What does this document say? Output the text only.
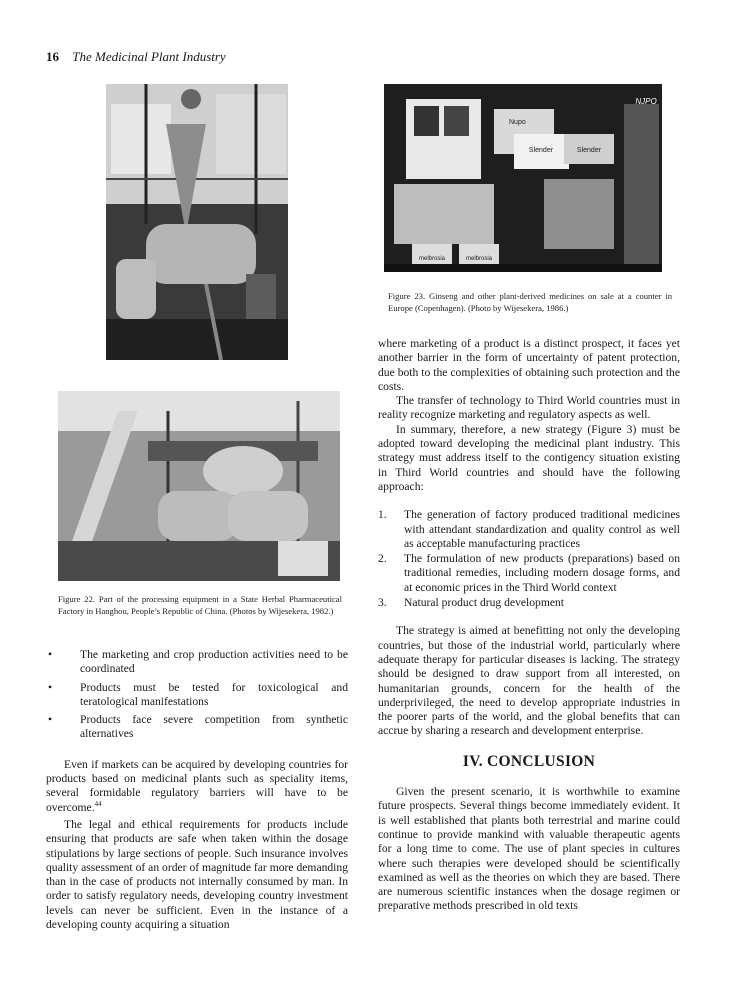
16 The Medicinal Plant Industry
Figure 22. Part of the processing equipment in a State Herbal Pharmaceutical Factory in Hanghou, People’s Republic of China. (Photos by Wijesekera, 1982.)
NJPO
Slender	Slender
Nupo
melbrosia	melbrosia
Figure 23. Ginseng and other plant-derived medicines on sale at a counter in Europe (Copenhagen). (Photo by Wijesekera, 1986.)
• The marketing and crop production activities need to be coordinated
• Products must be tested for toxicological and teratological manifestations
• Products face severe competition from synthetic alternatives

Even if markets can be acquired by developing countries for products based on medicinal plants such as speciality items, several formidable regulatory barriers will have to be overcome.$^{44}$

The legal and ethical requirements for products include ensuring that products are safe when taken within the dosage stipulations by large sections of people. Such insurance involves quality assessment of an order of magnitude far more demanding than in the case of products not internally consumed by man. In order to satisfy regulatory needs, developing country investment levels can never be sufficient. Even in the instance of a developing county acquiring a situation

where marketing of a product is a distinct prospect, it faces yet another barrier in the form of uncertainty of patent protection, due both to the complexities of obtaining such protection and the costs.

The transfer of technology to Third World countries must in reality recognize marketing and regulatory aspects as well.

In summary, therefore, a new strategy (Figure 3) must be adopted toward developing the medicinal plant industry. This strategy must address itself to the contigency situation existing in Third World countries and should have the following approach:

1. The generation of factory produced traditional medicines with attendant standardization and quality control as well as acceptable manufacturing practices
2. The formulation of new products (preparations) based on traditional remedies, including modern dosage forms, and at economic prices in the Third World context
3. Natural product drug development

The strategy is aimed at benefitting not only the developing countries, but those of the industrial world, particularly where adequate therapy for particular diseases is lacking. The strategy should be designed to draw support from all interested, on humanitarian grounds, concern for the health of the underprivileged, the need to develop appropriate industries in the poorer parts of the world, and the global benefits that can accrue by sharing a research and development enterprise.

IV. CONCLUSION

Given the present scenario, it is worthwhile to examine future prospects. Several things become immediately evident. It is well established that plants both terrestrial and marine could continue to provide mankind with valuable therapeutic agents for a long time to come. The use of plant species in cultures where such therapies were developed should be scientifically examined as well as the theories on which they are based. There are numerous scientific instances when the dosage regimen or preparative methods prescribed in old texts
